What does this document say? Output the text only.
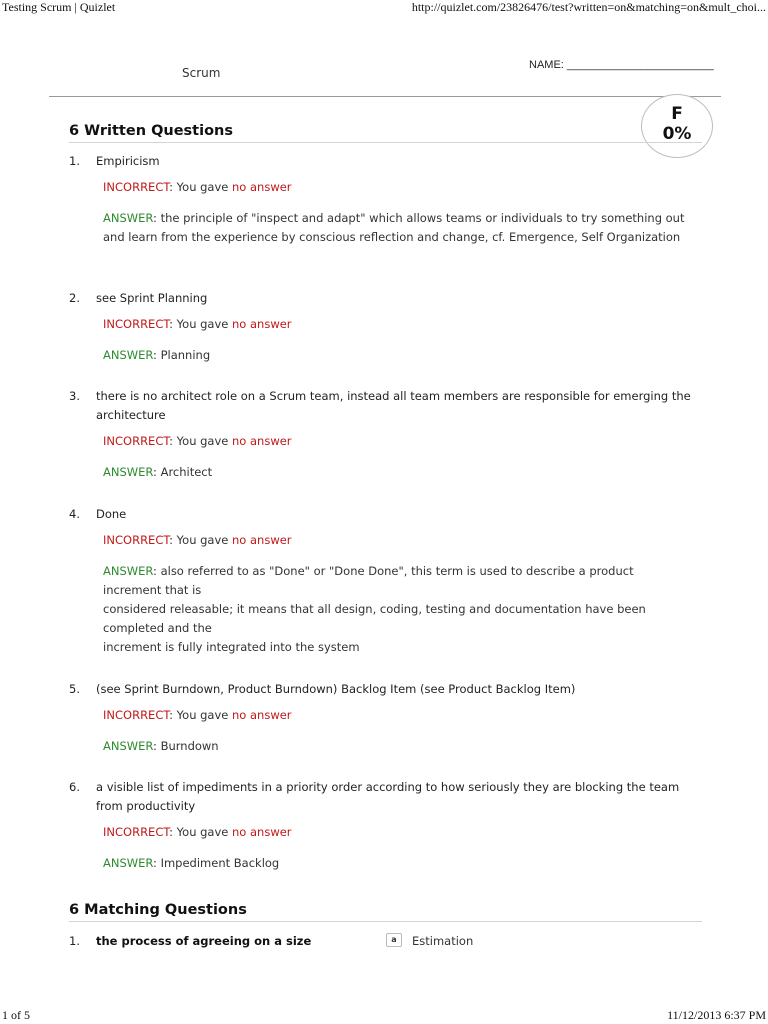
Testing Scrum | Quizlet	http://quizlet.com/23826476/test?written=on&matching=on&mult_choi...
Scrum
NAME: ________________________
F
0%
6 Written Questions
1. Empiricism
INCORRECT: You gave no answer
ANSWER: the principle of "inspect and adapt" which allows teams or individuals to try something out and learn from the experience by conscious reflection and change, cf. Emergence, Self Organization
2. see Sprint Planning
INCORRECT: You gave no answer
ANSWER: Planning
3. there is no architect role on a Scrum team, instead all team members are responsible for emerging the architecture
INCORRECT: You gave no answer
ANSWER: Architect
4. Done
INCORRECT: You gave no answer
ANSWER: also referred to as "Done" or "Done Done", this term is used to describe a product increment that is
considered releasable; it means that all design, coding, testing and documentation have been completed and the
increment is fully integrated into the system
5. (see Sprint Burndown, Product Burndown) Backlog Item (see Product Backlog Item)
INCORRECT: You gave no answer
ANSWER: Burndown
6. a visible list of impediments in a priority order according to how seriously they are blocking the team from productivity
INCORRECT: You gave no answer
ANSWER: Impediment Backlog
6 Matching Questions
1. the process of agreeing on a size	a	Estimation
1 of 5	11/12/2013 6:37 PM
